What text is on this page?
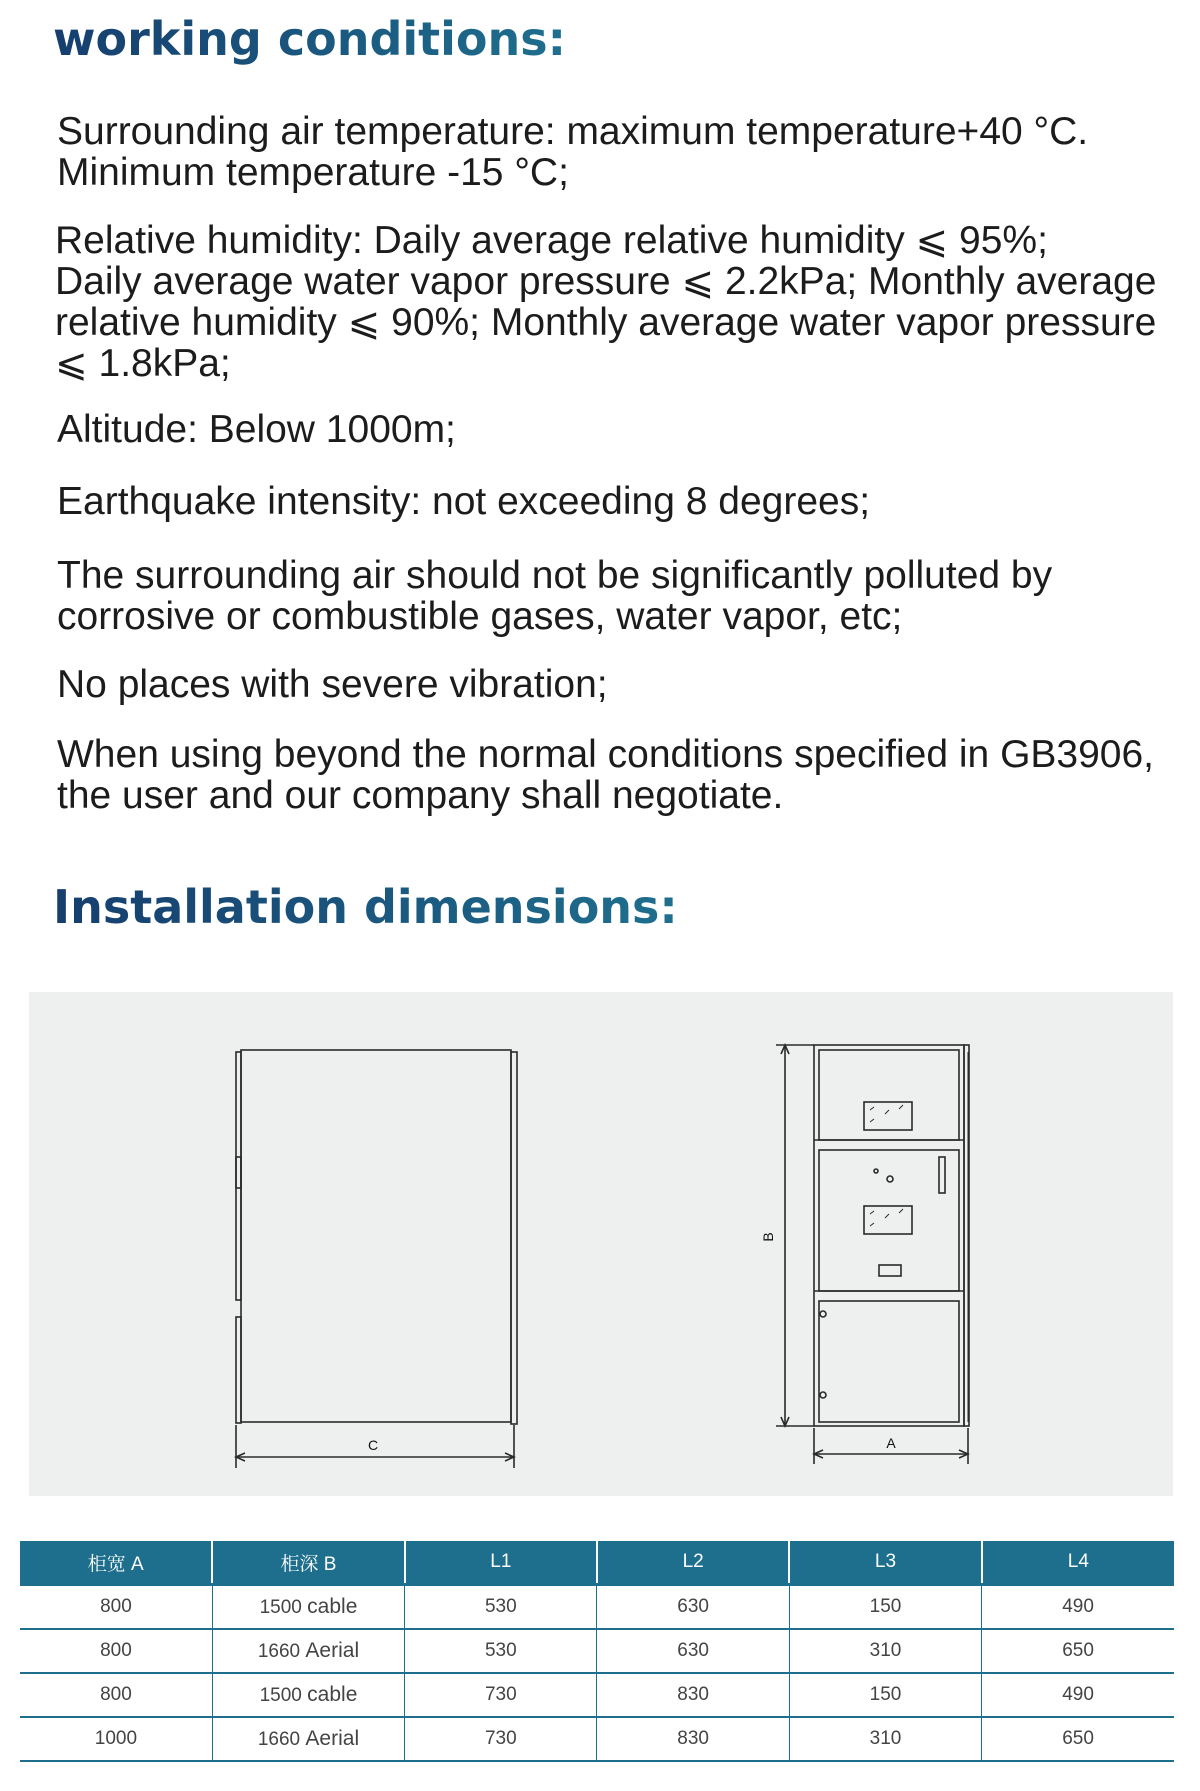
working conditions:

Surrounding air temperature: maximum temperature+40 °C.
Minimum temperature -15 °C;

Relative humidity: Daily average relative humidity ⩽ 95%;
Daily average water vapor pressure ⩽ 2.2kPa; Monthly average
relative humidity ⩽ 90%; Monthly average water vapor pressure
⩽ 1.8kPa;

Altitude: Below 1000m;

Earthquake intensity: not exceeding 8 degrees;

The surrounding air should not be significantly polluted by
corrosive or combustible gases, water vapor, etc;

No places with severe vibration;

When using beyond the normal conditions specified in GB3906,
the user and our company shall negotiate.

Installation dimensions:
C
B
A
柜宽 A	柜深 B	L1	L2	L3	L4
800	1500 cable	530	630	150	490
800	1660 Aerial	530	630	310	650
800	1500 cable	730	830	150	490
1000	1660 Aerial	730	830	310	650
